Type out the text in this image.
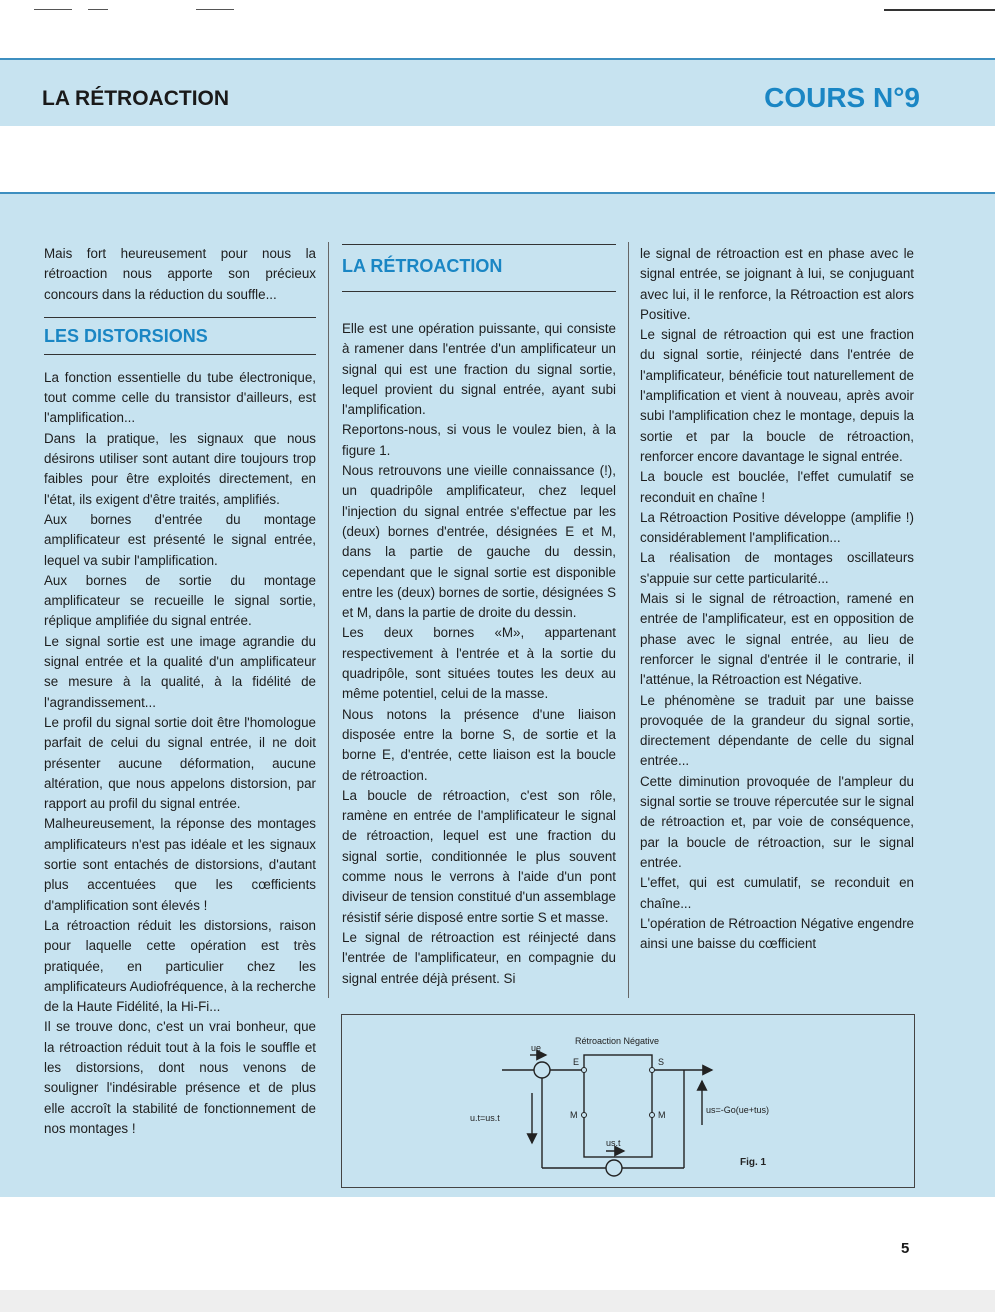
LA RÉTROACTION	COURS N°9

Mais fort heureusement pour nous la rétroaction nous apporte son précieux concours dans la réduction du souffle...

LES DISTORSIONS

La fonction essentielle du tube électronique, tout comme celle du transistor d'ailleurs, est l'amplification...

Dans la pratique, les signaux que nous désirons utiliser sont autant dire toujours trop faibles pour être exploités directement, en l'état, ils exigent d'être traités, amplifiés.

Aux bornes d'entrée du montage amplificateur est présenté le signal entrée, lequel va subir l'amplification.

Aux bornes de sortie du montage amplificateur se recueille le signal sortie, réplique amplifiée du signal entrée.

Le signal sortie est une image agrandie du signal entrée et la qualité d'un amplificateur se mesure à la qualité, à la fidélité de l'agrandissement...

Le profil du signal sortie doit être l'homologue parfait de celui du signal entrée, il ne doit présenter aucune déformation, aucune altération, que nous appelons distorsion, par rapport au profil du signal entrée.

Malheureusement, la réponse des montages amplificateurs n'est pas idéale et les signaux sortie sont entachés de distorsions, d'autant plus accentuées que les cœfficients d'amplification sont élevés !

La rétroaction réduit les distorsions, raison pour laquelle cette opération est très pratiquée, en particulier chez les amplificateurs Audiofréquence, à la recherche de la Haute Fidélité, la Hi-Fi...

Il se trouve donc, c'est un vrai bonheur, que la rétroaction réduit tout à la fois le souffle et les distorsions, dont nous venons de souligner l'indésirable présence et de plus elle accroît la stabilité de fonctionnement de nos montages !

LA RÉTROACTION

Elle est une opération puissante, qui consiste à ramener dans l'entrée d'un amplificateur un signal qui est une fraction du signal sortie, lequel provient du signal entrée, ayant subi l'amplification.

Reportons-nous, si vous le voulez bien, à la figure 1.

Nous retrouvons une vieille connaissance (!), un quadripôle amplificateur, chez lequel l'injection du signal entrée s'effectue par les (deux) bornes d'entrée, désignées E et M, dans la partie de gauche du dessin, cependant que le signal sortie est disponible entre les (deux) bornes de sortie, désignées S et M, dans la partie de droite du dessin.

Les deux bornes «M», appartenant respectivement à l'entrée et à la sortie du quadripôle, sont situées toutes les deux au même potentiel, celui de la masse.

Nous notons la présence d'une liaison disposée entre la borne S, de sortie et la borne E, d'entrée, cette liaison est la boucle de rétroaction.

La boucle de rétroaction, c'est son rôle, ramène en entrée de l'amplificateur le signal de rétroaction, lequel est une fraction du signal sortie, conditionnée le plus souvent comme nous le verrons à l'aide d'un pont diviseur de tension constitué d'un assemblage résistif série disposé entre sortie S et masse.

Le signal de rétroaction est réinjecté dans l'entrée de l'amplificateur, en compagnie du signal entrée déjà présent. Si

le signal de rétroaction est en phase avec le signal entrée, se joignant à lui, se conjuguant avec lui, il le renforce, la Rétroaction est alors Positive.

Le signal de rétroaction qui est une fraction du signal sortie, réinjecté dans l'entrée de l'amplificateur, bénéficie tout naturellement de l'amplification et vient à nouveau, après avoir subi l'amplification chez le montage, depuis la sortie et par la boucle de rétroaction, renforcer encore davantage le signal entrée.

La boucle est bouclée, l'effet cumulatif se reconduit en chaîne !

La Rétroaction Positive développe (amplifie !) considérablement l'amplification...

La réalisation de montages oscillateurs s'appuie sur cette particularité...

Mais si le signal de rétroaction, ramené en entrée de l'amplificateur, est en opposition de phase avec le signal entrée, au lieu de renforcer le signal d'entrée il le contrarie, il l'atténue, la Rétroaction est Négative.

Le phénomène se traduit par une baisse provoquée de la grandeur du signal sortie, directement dépendante de celle du signal entrée...

Cette diminution provoquée de l'ampleur du signal sortie se trouve répercutée sur le signal de rétroaction et, par voie de conséquence, par la boucle de rétroaction, sur le signal entrée.

L'effet, qui est cumulatif, se reconduit en chaîne...

L'opération de Rétroaction Négative engendre ainsi une baisse du cœfficient

Rétroaction Négative
ue
E	S
M	M
us.t
u.t=us.t
us=-Go(ue+tus)
Fig. 1
5
